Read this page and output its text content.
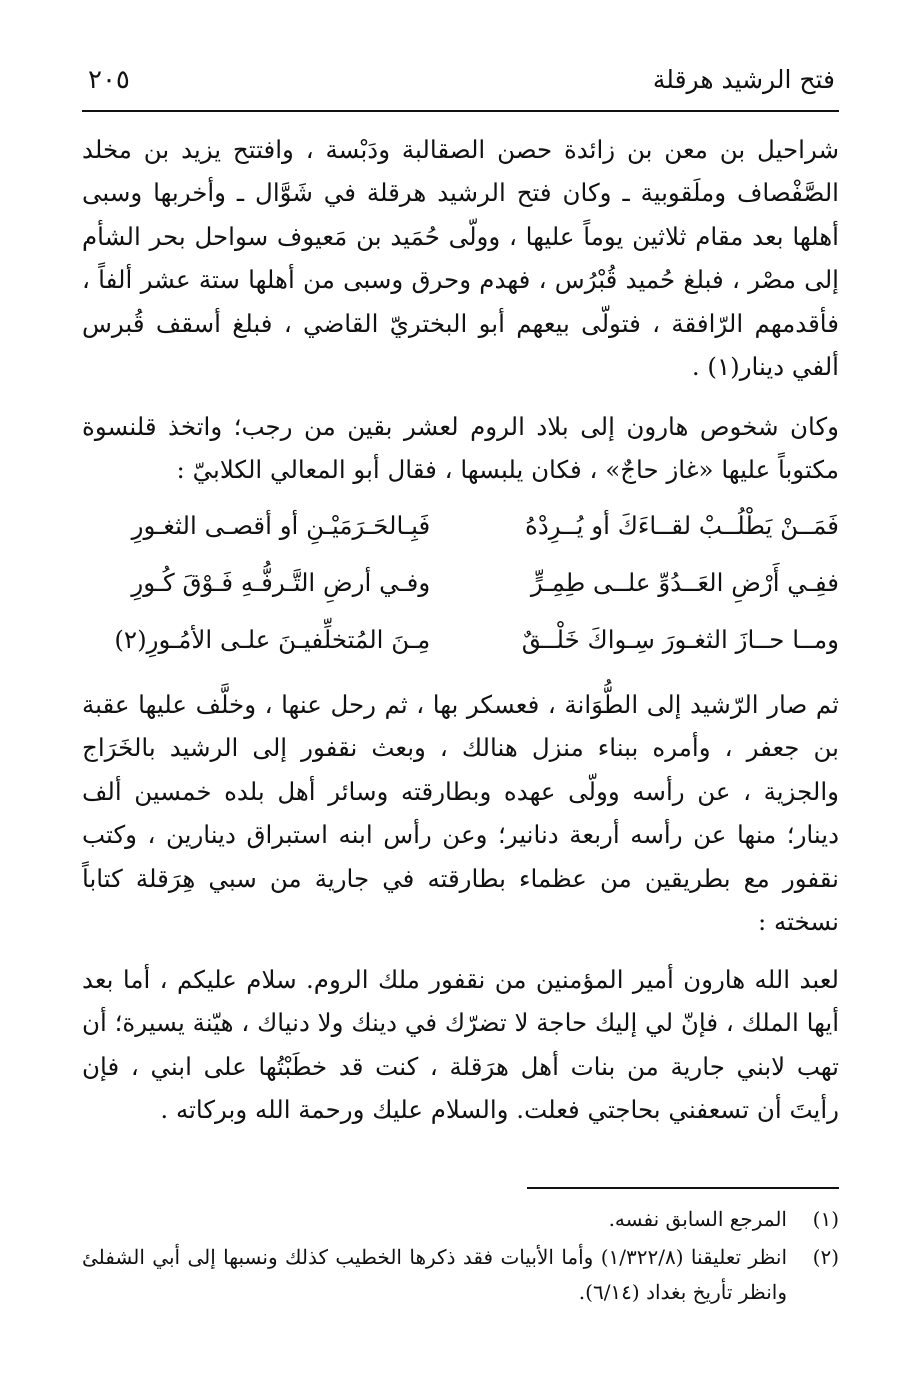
فتح الرشيد هرقلة
٢٠٥

شراحيل بن معن بن زائدة حصن الصقالبة ودَبْسة ، وافتتح يزيد بن مخلد الصَّفْصاف وملَقوبية ـ وكان فتح الرشيد هرقلة في شَوَّال ـ وأخربها وسبى أهلها بعد مقام ثلاثين يوماً عليها ، وولّى حُمَيد بن مَعيوف سواحل بحر الشأم إلى مصْر ، فبلغ حُميد قُبْرُس ، فهدم وحرق وسبى من أهلها ستة عشر ألفاً ، فأقدمهم الرّافقة ، فتولّى بيعهم أبو البختريّ القاضي ، فبلغ أسقف قُبرس ألفي دينار(١) .

وكان شخوص هارون إلى بلاد الروم لعشر بقين من رجب؛ واتخذ قلنسوة مكتوباً عليها «غاز حاجٌ» ، فكان يلبسها ، فقال أبو المعالي الكلابيّ :

فَمَــنْ يَطْلُــبْ لقــاءَكَ أو يُــرِدْهُ
فَبِـالحَـرَمَيْـنِ أو أقصـى الثغـورِ
ففِـي أَرْضِ العَــدُوِّ علــى طِمِـرٍّ
وفـي أرضِ التَّـرفُّـهِ فَـوْقَ كُـورِ
ومــا حــازَ الثغـورَ سِـواكَ خَلْــقٌ
مِـنَ المُتخلِّفيـنَ علـى الأمُـورِ(٢)

ثم صار الرّشيد إلى الطُّوَانة ، فعسكر بها ، ثم رحل عنها ، وخلَّف عليها عقبة بن جعفر ، وأمره ببناء منزل هنالك ، وبعث نقفور إلى الرشيد بالخَرَاج والجزية ، عن رأسه وولّى عهده وبطارقته وسائر أهل بلده خمسين ألف دينار؛ منها عن رأسه أربعة دنانير؛ وعن رأس ابنه استبراق دينارين ، وكتب نقفور مع بطريقين من عظماء بطارقته في جارية من سبي هِرَقلة كتاباً نسخته :

لعبد الله هارون أمير المؤمنين من نقفور ملك الروم. سلام عليكم ، أما بعد أيها الملك ، فإنّ لي إليك حاجة لا تضرّك في دينك ولا دنياك ، هيّنة يسيرة؛ أن تهب لابني جارية من بنات أهل هرَقلة ، كنت قد خطَبْتُها على ابني ، فإن رأيتَ أن تسعفني بحاجتي فعلت. والسلام عليك ورحمة الله وبركاته .

(١)
المرجع السابق نفسه.
(٢)
انظر تعليقنا (١/٣٢٢/٨) وأما الأبيات فقد ذكرها الخطيب كذلك ونسبها إلى أبي الشفلئ وانظر تأريخ بغداد (٦/١٤).
